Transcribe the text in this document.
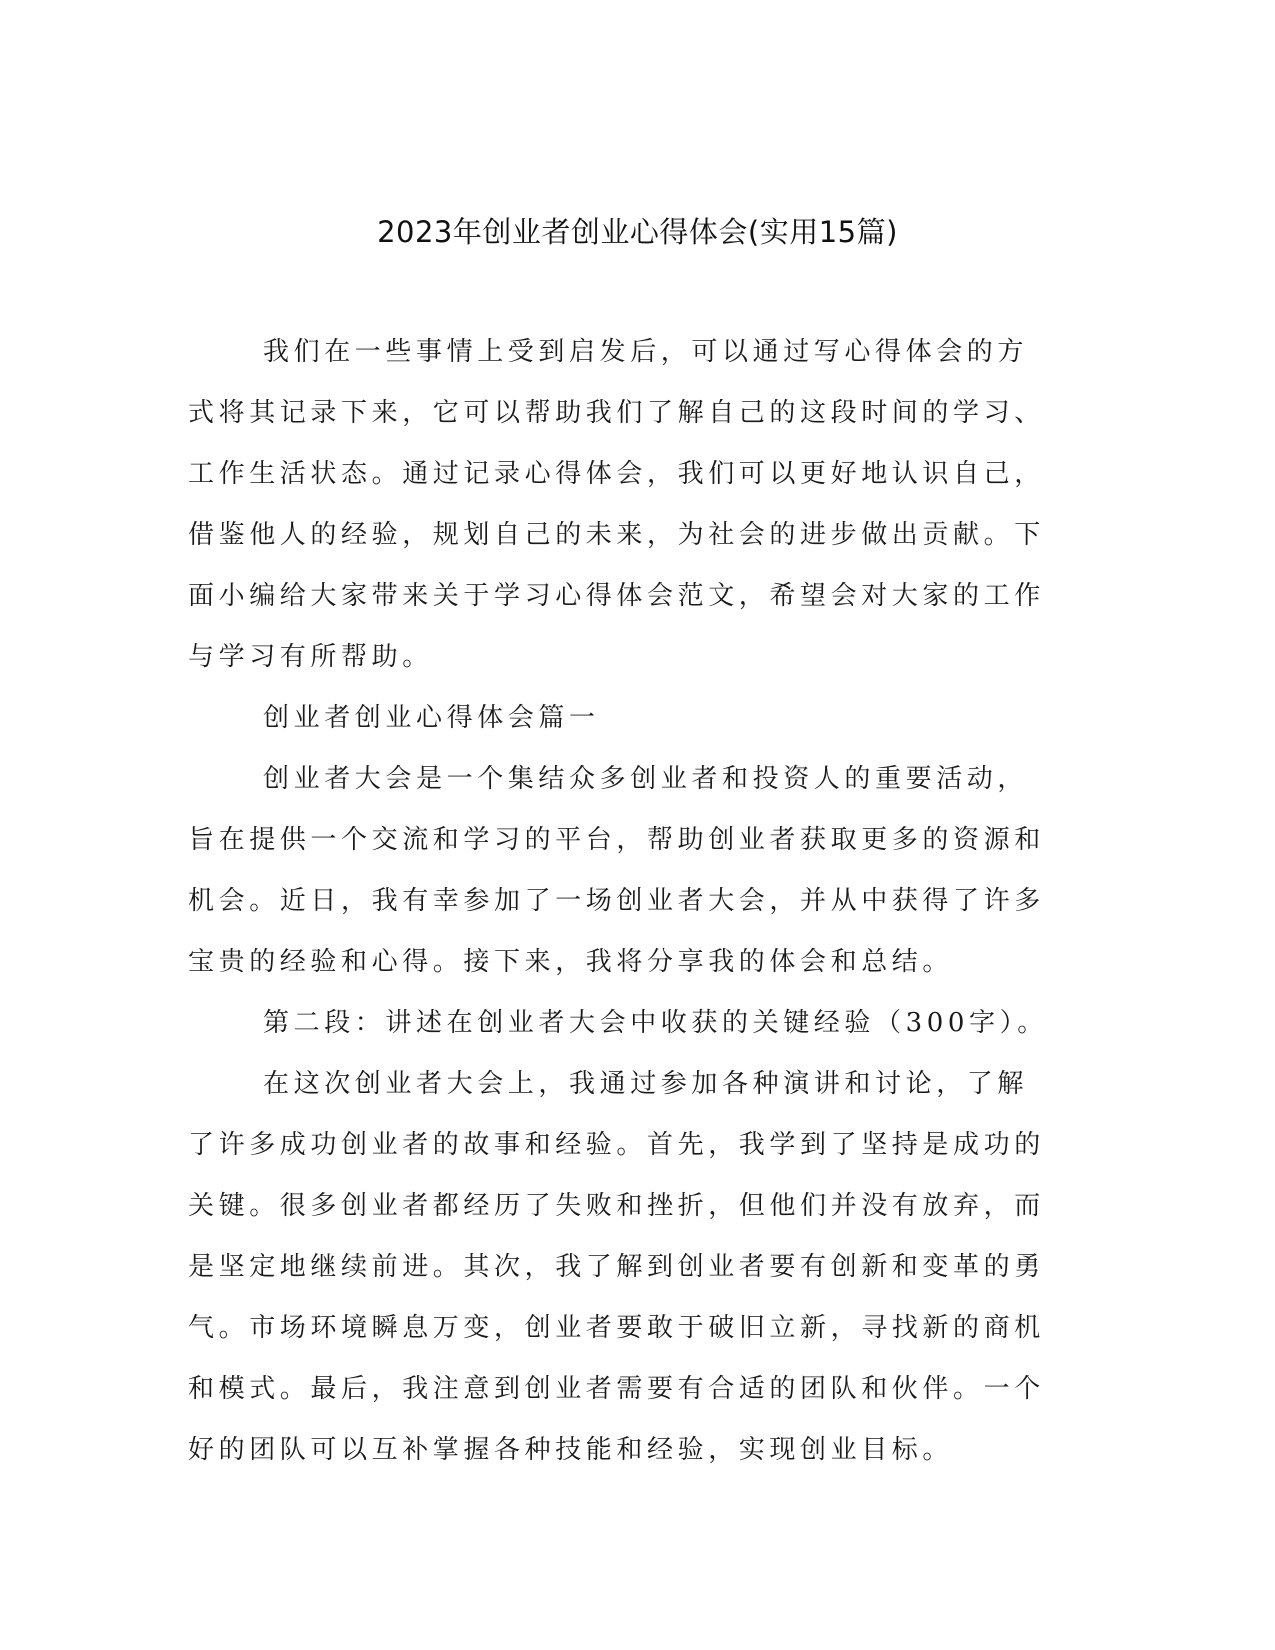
2023年创业者创业心得体会(实用15篇)

我们在一些事情上受到启发后，可以通过写心得体会的方式将其记录下来，它可以帮助我们了解自己的这段时间的学习、工作生活状态。通过记录心得体会，我们可以更好地认识自己，借鉴他人的经验，规划自己的未来，为社会的进步做出贡献。下面小编给大家带来关于学习心得体会范文，希望会对大家的工作与学习有所帮助。

创业者创业心得体会篇一

创业者大会是一个集结众多创业者和投资人的重要活动，旨在提供一个交流和学习的平台，帮助创业者获取更多的资源和机会。近日，我有幸参加了一场创业者大会，并从中获得了许多宝贵的经验和心得。接下来，我将分享我的体会和总结。

第二段：讲述在创业者大会中收获的关键经验（300字）。

在这次创业者大会上，我通过参加各种演讲和讨论，了解了许多成功创业者的故事和经验。首先，我学到了坚持是成功的关键。很多创业者都经历了失败和挫折，但他们并没有放弃，而是坚定地继续前进。其次，我了解到创业者要有创新和变革的勇气。市场环境瞬息万变，创业者要敢于破旧立新，寻找新的商机和模式。最后，我注意到创业者需要有合适的团队和伙伴。一个好的团队可以互补掌握各种技能和经验，实现创业目标。
